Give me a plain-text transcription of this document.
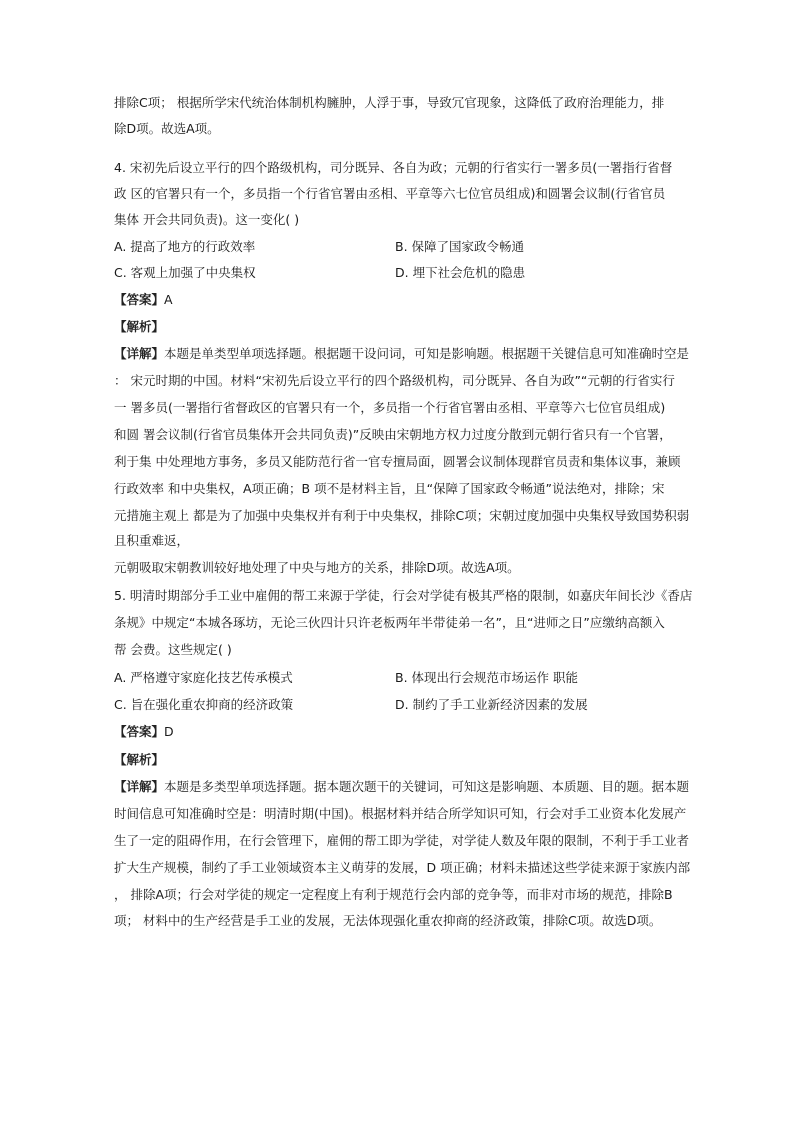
排除C项； 根据所学宋代统治体制机构臃肿，人浮于事，导致冗官现象，这降低了政府治理能力，排
除D项。故选A项。
4. 宋初先后设立平行的四个路级机构，司分既异、各自为政；元朝的行省实行一署多员(一署指行省督
政 区的官署只有一个，多员指一个行省官署由丞相、平章等六七位官员组成)和圆署会议制(行省官员
集体 开会共同负责)。这一变化( )
A. 提高了地方的行政效率	B. 保障了国家政令畅通
C. 客观上加强了中央集权	D. 埋下社会危机的隐患
【答案】A
【解析】
【详解】本题是单类型单项选择题。根据题干设问词，可知是影响题。根据题干关键信息可知准确时空是
： 宋元时期的中国。材料“宋初先后设立平行的四个路级机构，司分既异、各自为政”“元朝的行省实行
一 署多员(一署指行省督政区的官署只有一个，多员指一个行省官署由丞相、平章等六七位官员组成)
和圆 署会议制(行省官员集体开会共同负责)”反映由宋朝地方权力过度分散到元朝行省只有一个官署，
利于集 中处理地方事务，多员又能防范行省一官专擅局面，圆署会议制体现群官员责和集体议事，兼顾
行政效率 和中央集权，A项正确；B 项不是材料主旨，且“保障了国家政令畅通”说法绝对，排除；宋
元措施主观上 都是为了加强中央集权并有利于中央集权，排除C项；宋朝过度加强中央集权导致国势积弱
且积重难返，
元朝吸取宋朝教训较好地处理了中央与地方的关系，排除D项。故选A项。
5. 明清时期部分手工业中雇佣的帮工来源于学徒，行会对学徒有极其严格的限制，如嘉庆年间长沙《香店
条规》中规定“本城各琢坊，无论三伙四计只许老板两年半带徒弟一名”，且“进师之日”应缴纳高额入
帮 会费。这些规定( )
A. 严格遵守家庭化技艺传承模式	B. 体现出行会规范市场运作 职能
C. 旨在强化重农抑商的经济政策	D. 制约了手工业新经济因素的发展
【答案】D
【解析】
【详解】本题是多类型单项选择题。据本题次题干的关键词，可知这是影响题、本质题、目的题。据本题
时间信息可知准确时空是：明清时期(中国)。根据材料并结合所学知识可知，行会对手工业资本化发展产
生了一定的阻碍作用，在行会管理下，雇佣的帮工即为学徒，对学徒人数及年限的限制，不利于手工业者
扩大生产规模，制约了手工业领域资本主义萌芽的发展，D 项正确；材料未描述这些学徒来源于家族内部
， 排除A项；行会对学徒的规定一定程度上有利于规范行会内部的竞争等，而非对市场的规范，排除B
项； 材料中的生产经营是手工业的发展，无法体现强化重农抑商的经济政策，排除C项。故选D项。
